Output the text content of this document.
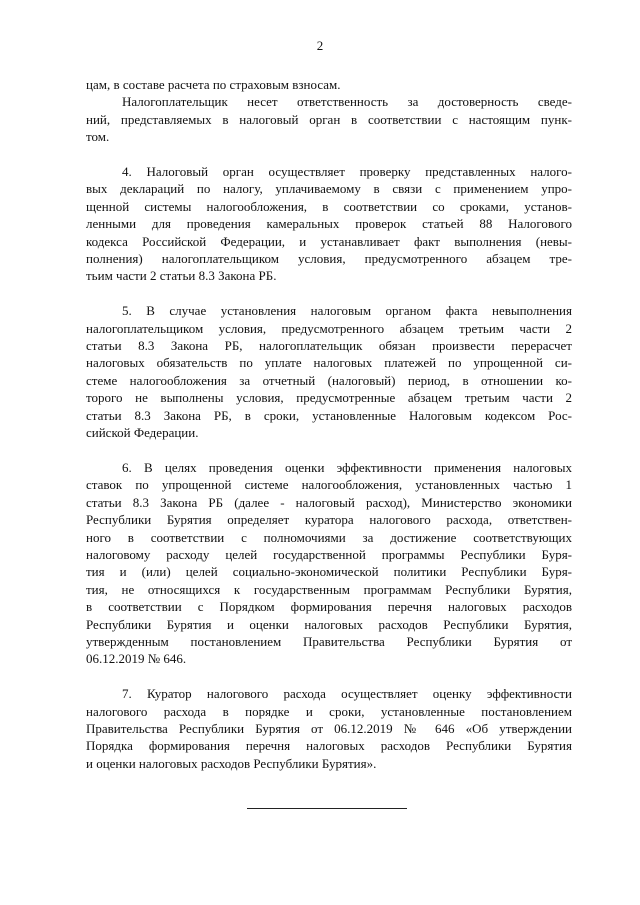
2
цам, в составе расчета по страховым взносам.
Налогоплательщик несет ответственность за достоверность сведе-
ний, представляемых в налоговый орган в соответствии с настоящим пунк-
том.
4. Налоговый орган осуществляет проверку представленных налого-
вых деклараций по налогу, уплачиваемому в связи с применением упро-
щенной системы налогообложения, в соответствии со сроками, установ-
ленными для проведения камеральных проверок статьей 88 Налогового
кодекса Российской Федерации, и устанавливает факт выполнения (невы-
полнения) налогоплательщиком условия, предусмотренного абзацем тре-
тьим части 2 статьи 8.3 Закона РБ.
5. В случае установления налоговым органом факта невыполнения
налогоплательщиком условия, предусмотренного абзацем третьим части 2
статьи 8.3 Закона РБ, налогоплательщик обязан произвести перерасчет
налоговых обязательств по уплате налоговых платежей по упрощенной си-
стеме налогообложения за отчетный (налоговый) период, в отношении ко-
торого не выполнены условия, предусмотренные абзацем третьим части 2
статьи 8.3 Закона РБ, в сроки, установленные Налоговым кодексом Рос-
сийской Федерации.
6. В целях проведения оценки эффективности применения налоговых
ставок по упрощенной системе налогообложения, установленных частью 1
статьи 8.3 Закона РБ (далее - налоговый расход), Министерство экономики
Республики Бурятия определяет куратора налогового расхода, ответствен-
ного в соответствии с полномочиями за достижение соответствующих
налоговому расходу целей государственной программы Республики Буря-
тия и (или) целей социально-экономической политики Республики Буря-
тия, не относящихся к государственным программам Республики Бурятия,
в соответствии с Порядком формирования перечня налоговых расходов
Республики Бурятия и оценки налоговых расходов Республики Бурятия,
утвержденным постановлением Правительства Республики Бурятия от
06.12.2019 № 646.
7. Куратор налогового расхода осуществляет оценку эффективности
налогового расхода в порядке и сроки, установленные постановлением
Правительства Республики Бурятия от 06.12.2019 № 646 «Об утверждении
Порядка формирования перечня налоговых расходов Республики Бурятия
и оценки налоговых расходов Республики Бурятия».
